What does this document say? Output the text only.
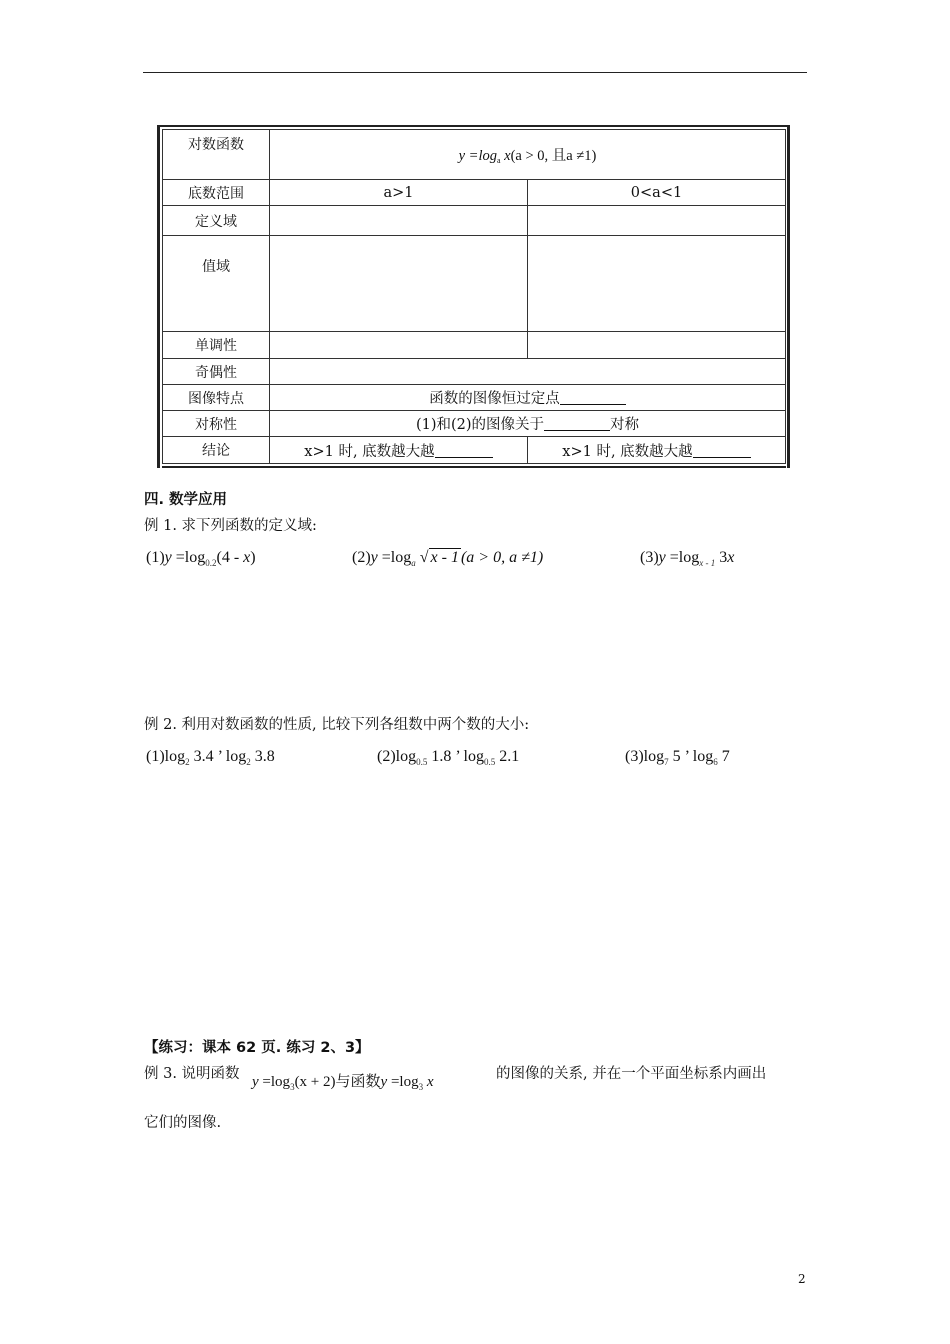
对数函数	$y =\log_a$ x(a > 0, 且a ≠1)	
底数范围	a>1	0<a<1
定义域		
值域		
单调性		
奇偶性		
图像特点	函数的图像恒过定点	
对称性	(1)和(2)的图像关于 对称	
结论	x>1 时, 底数越大越	x>1 时, 底数越大越
四. 数学应用
例 1. 求下列函数的定义域:
$(1)y =\log_{0.2}(4 - x)$	$(2)y =\log_a$ √ x - 1 (a > 0, a ≠1)	$(3)y =\log_{x - 1}$ 3x
例 2. 利用对数函数的性质, 比较下列各组数中两个数的大小:
$(1)\log_2$ 3.4 ’ $\log_2 3.8$	$(2)\log_{0.5}$ 1.8 ’ $\log_{0.5} 2.1$	$(3)\log_7$ 5 ’ $\log_6 7$
【练习：课本 62 页. 练习 2、3】
例 3. 说明函数 $y =\log_3(x + 2)$与函数$y =\log_3$ x	的图像的关系, 并在一个平面坐标系内画出
它们的图像.
2
